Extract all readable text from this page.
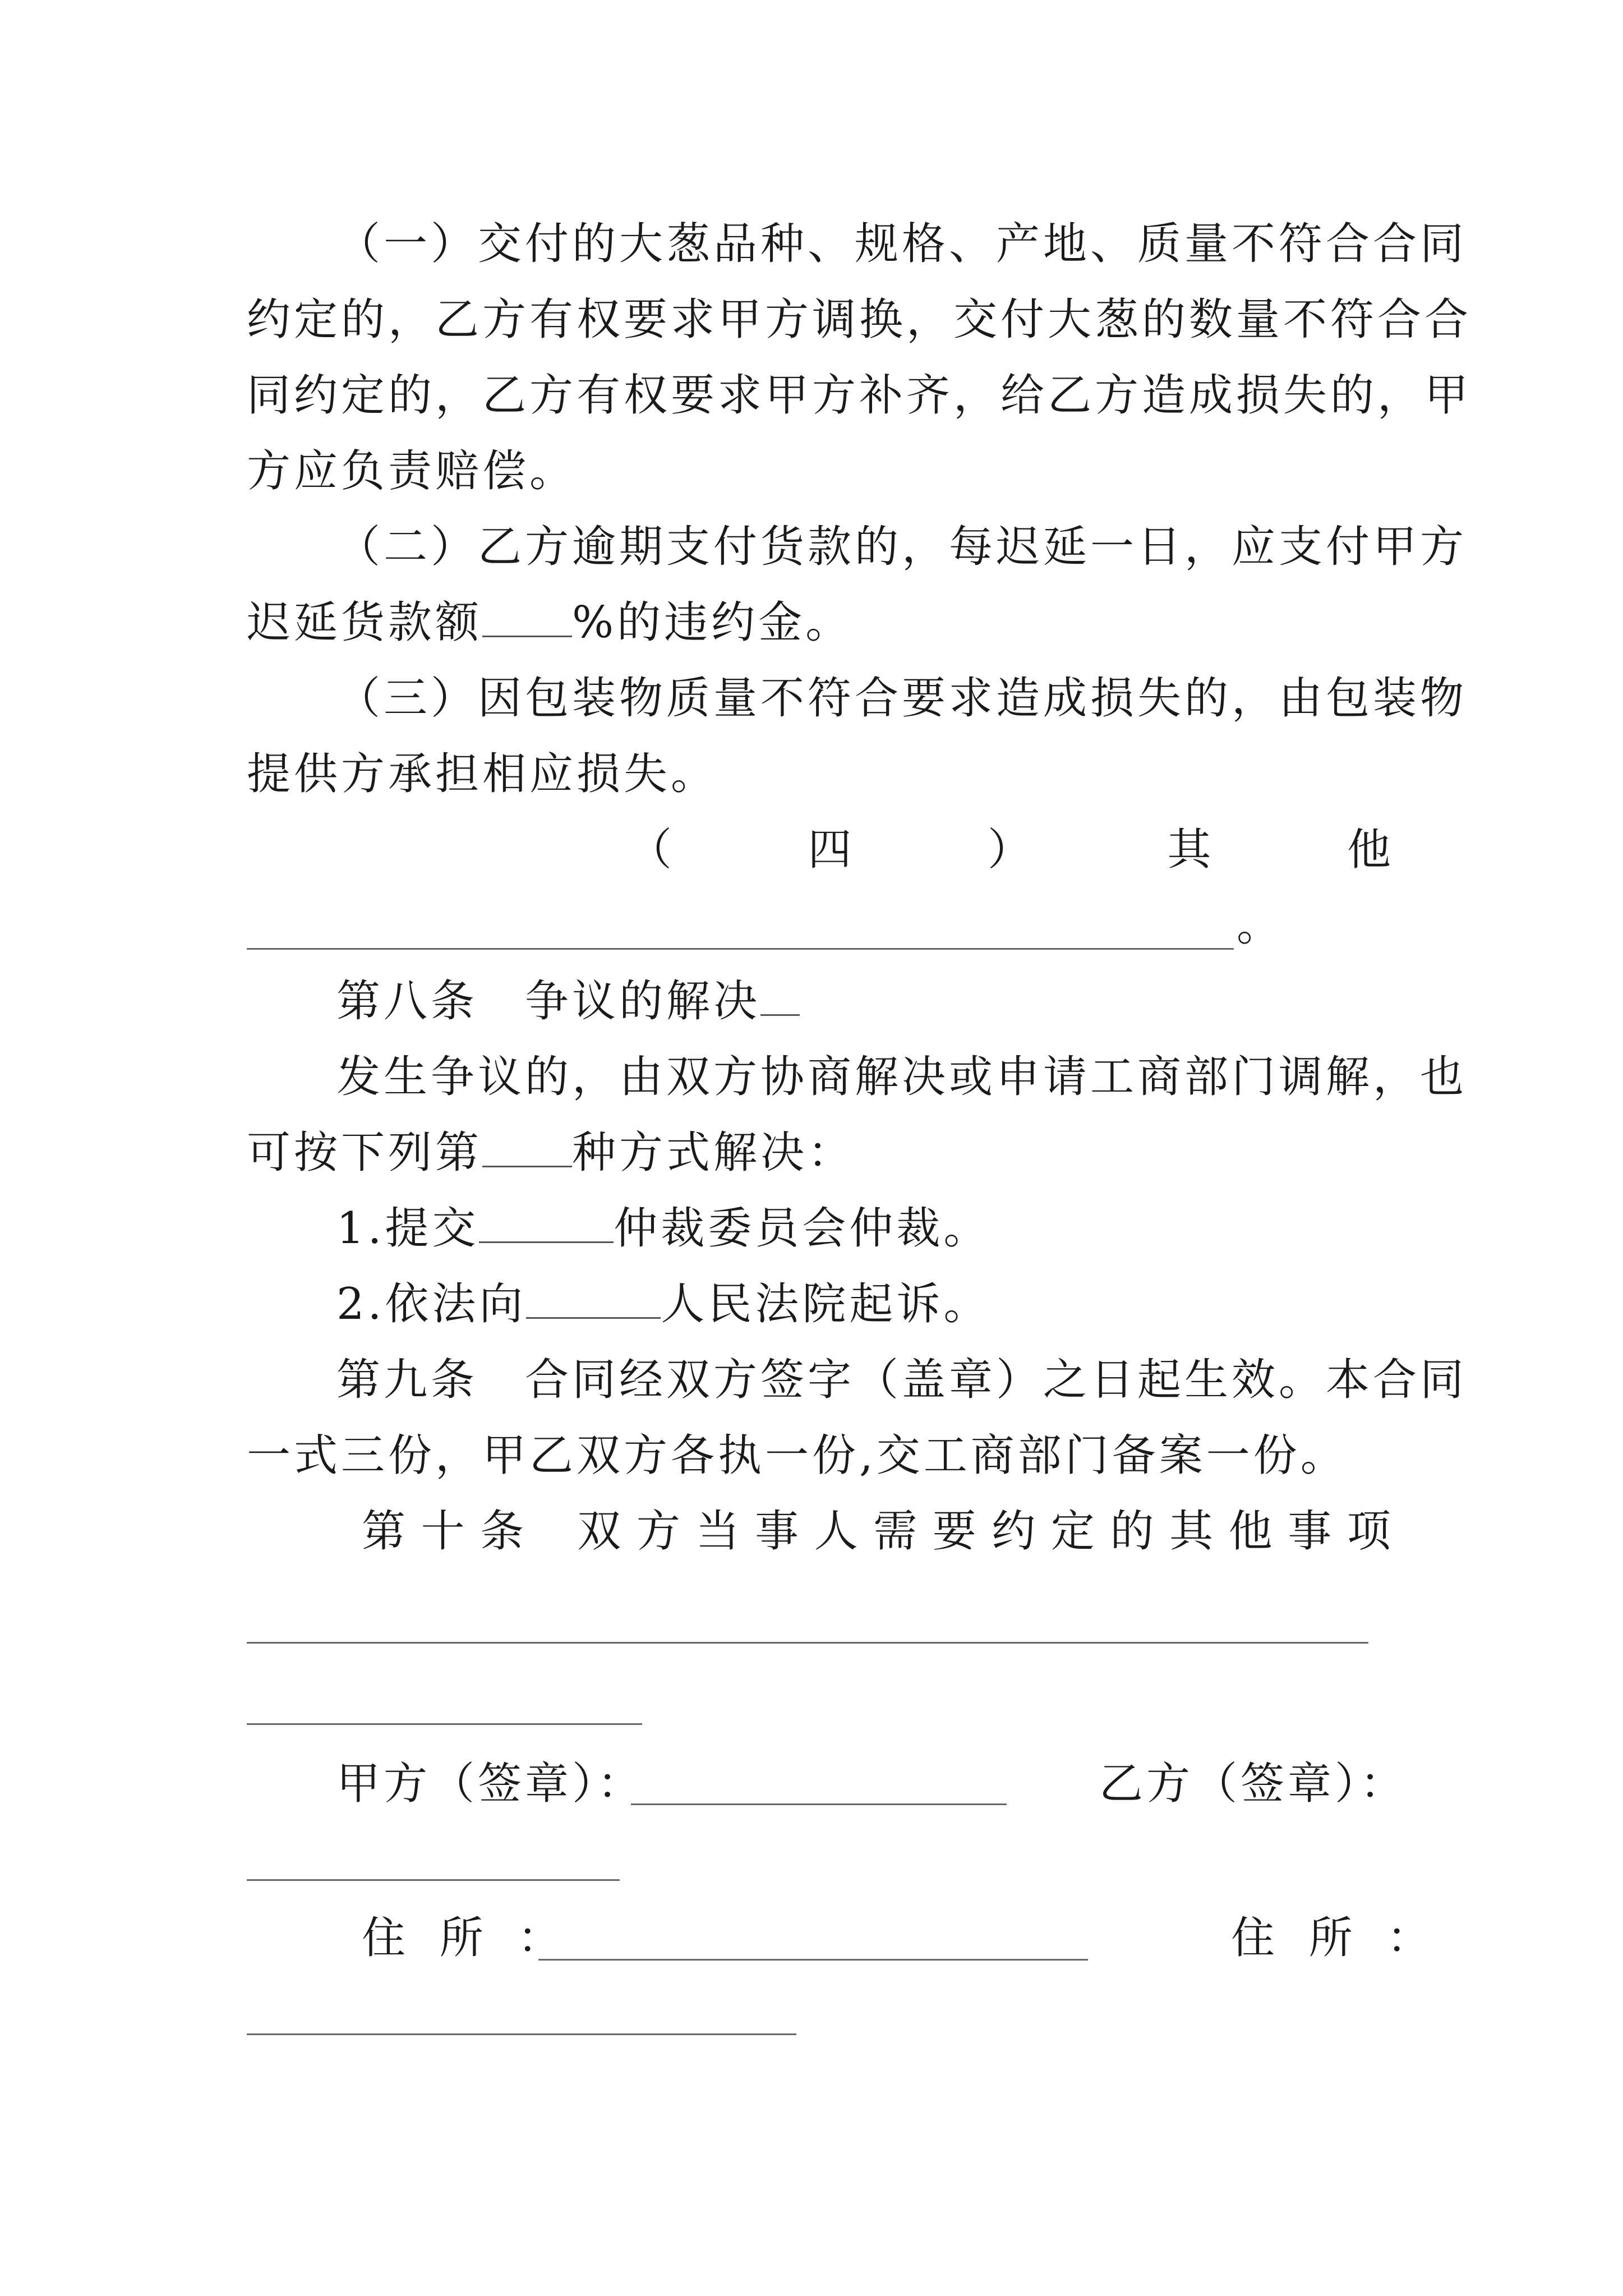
（一）交付的大葱品种、规格、产地、质量不符合合同
约定的，乙方有权要求甲方调换，交付大葱的数量不符合合
同约定的，乙方有权要求甲方补齐，给乙方造成损失的，甲
方应负责赔偿。
（二）乙方逾期支付货款的，每迟延一日，应支付甲方
迟延货款额 %的违约金。
（三）因包装物质量不符合要求造成损失的，由包装物
提供方承担相应损失。
（	四	）	其	他
。
第八条　争议的解决
发生争议的，由双方协商解决或申请工商部门调解，也
可按下列第 种方式解决：
1.提交	仲裁委员会仲裁。
2.依法向	人民法院起诉。
第九条　合同经双方签字（盖章）之日起生效。本合同
一式三份，甲乙双方各执一份,交工商部门备案一份。
第 十 条 双 方 当 事 人 需 要 约 定 的 其 他 事 项
甲方（签章）：	乙方（签章）：
住 所 ：	住 所 ：
